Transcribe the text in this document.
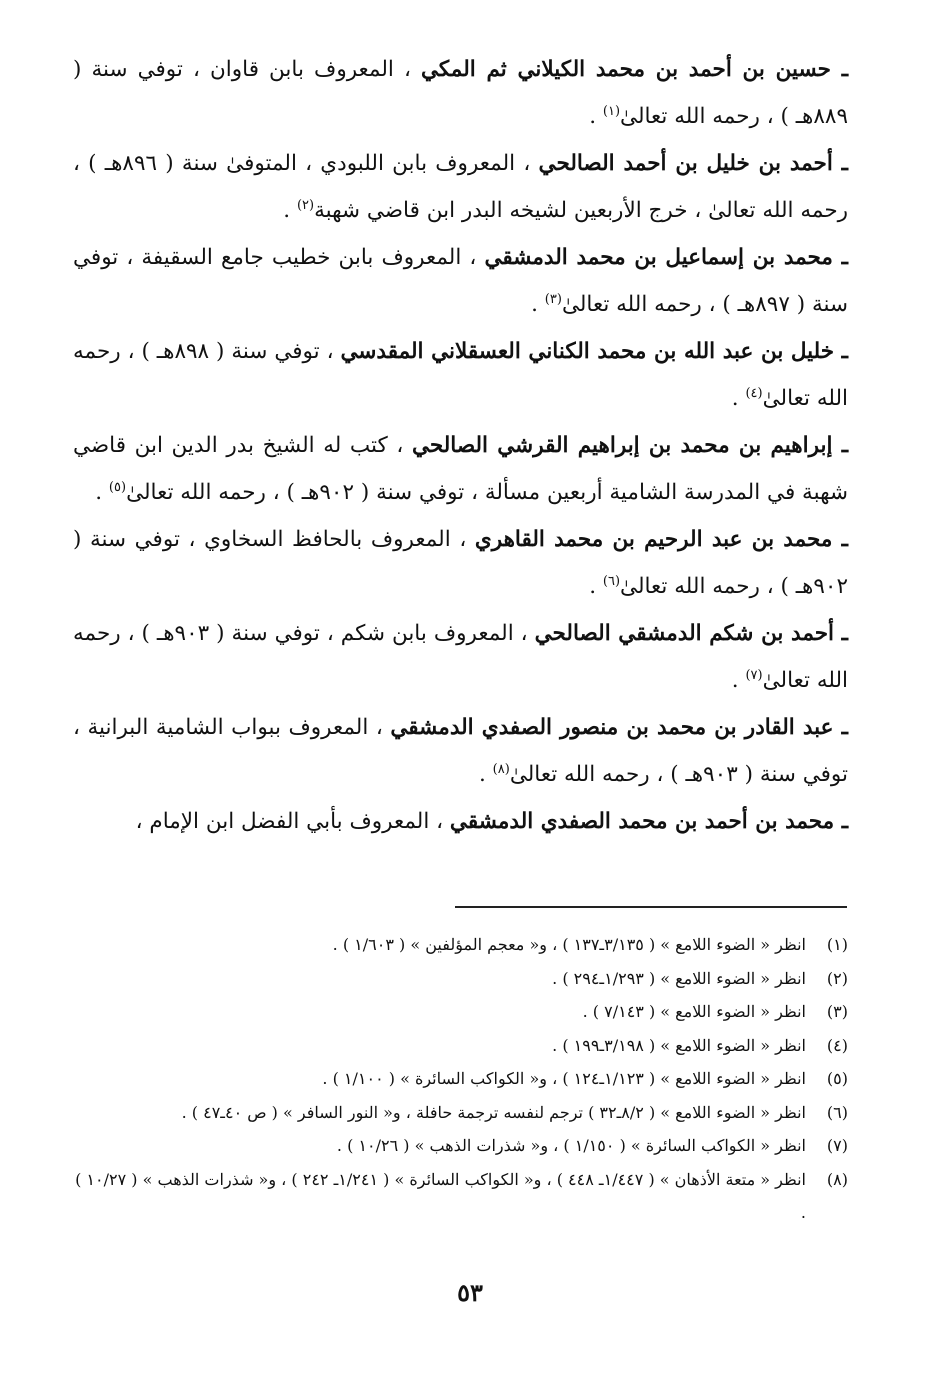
ـ حسين بن أحمد بن محمد الكيلاني ثم المكي ، المعروف بابن قاوان ، توفي سنة ( ٨٨٩هـ ) ، رحمه الله تعالىٰ$^{(١)}$ .

ـ أحمد بن خليل بن أحمد الصالحي ، المعروف بابن اللبودي ، المتوفىٰ سنة ( ٨٩٦هـ ) ، رحمه الله تعالىٰ ، خرج الأربعين لشيخه البدر ابن قاضي شهبة$^{(٢)}$ .

ـ محمد بن إسماعيل بن محمد الدمشقي ، المعروف بابن خطيب جامع السقيفة ، توفي سنة ( ٨٩٧هـ ) ، رحمه الله تعالىٰ$^{(٣)}$ .

ـ خليل بن عبد الله بن محمد الكناني العسقلاني المقدسي ، توفي سنة ( ٨٩٨هـ ) ، رحمه الله تعالىٰ$^{(٤)}$ .

ـ إبراهيم بن محمد بن إبراهيم القرشي الصالحي ، كتب له الشيخ بدر الدين ابن قاضي شهبة في المدرسة الشامية أربعين مسألة ، توفي سنة ( ٩٠٢هـ ) ، رحمه الله تعالىٰ$^{(٥)}$ .

ـ محمد بن عبد الرحيم بن محمد القاهري ، المعروف بالحافظ السخاوي ، توفي سنة ( ٩٠٢هـ ) ، رحمه الله تعالىٰ$^{(٦)}$ .

ـ أحمد بن شكم الدمشقي الصالحي ، المعروف بابن شكم ، توفي سنة ( ٩٠٣هـ ) ، رحمه الله تعالىٰ$^{(٧)}$ .

ـ عبد القادر بن محمد بن منصور الصفدي الدمشقي ، المعروف ببواب الشامية البرانية ، توفي سنة ( ٩٠٣هـ ) ، رحمه الله تعالىٰ$^{(٨)}$ .

ـ محمد بن أحمد بن محمد الصفدي الدمشقي ، المعروف بأبي الفضل ابن الإمام ،

(١)
انظر « الضوء اللامع » ( ٣/١٣٥ـ١٣٧ ) ، و« معجم المؤلفين » ( ١/٦٠٣ ) .
(٢)
انظر « الضوء اللامع » ( ١/٢٩٣ـ٢٩٤ ) .
(٣)
انظر « الضوء اللامع » ( ٧/١٤٣ ) .
(٤)
انظر « الضوء اللامع » ( ٣/١٩٨ـ١٩٩ ) .
(٥)
انظر « الضوء اللامع » ( ١/١٢٣ـ١٢٤ ) ، و« الكواكب السائرة » ( ١/١٠٠ ) .
(٦)
انظر « الضوء اللامع » ( ٨/٢ـ٣٢ ) ترجم لنفسه ترجمة حافلة ، و« النور السافر » ( ص ٤٠ـ٤٧ ) .
(٧)
انظر « الكواكب السائرة » ( ١/١٥٠ ) ، و« شذرات الذهب » ( ١٠/٢٦ ) .
(٨)
انظر « متعة الأذهان » ( ١/٤٤٧ـ ٤٤٨ ) ، و« الكواكب السائرة » ( ١/٢٤١ـ ٢٤٢ ) ، و« شذرات الذهب » ( ١٠/٢٧ ) .
٥٣
